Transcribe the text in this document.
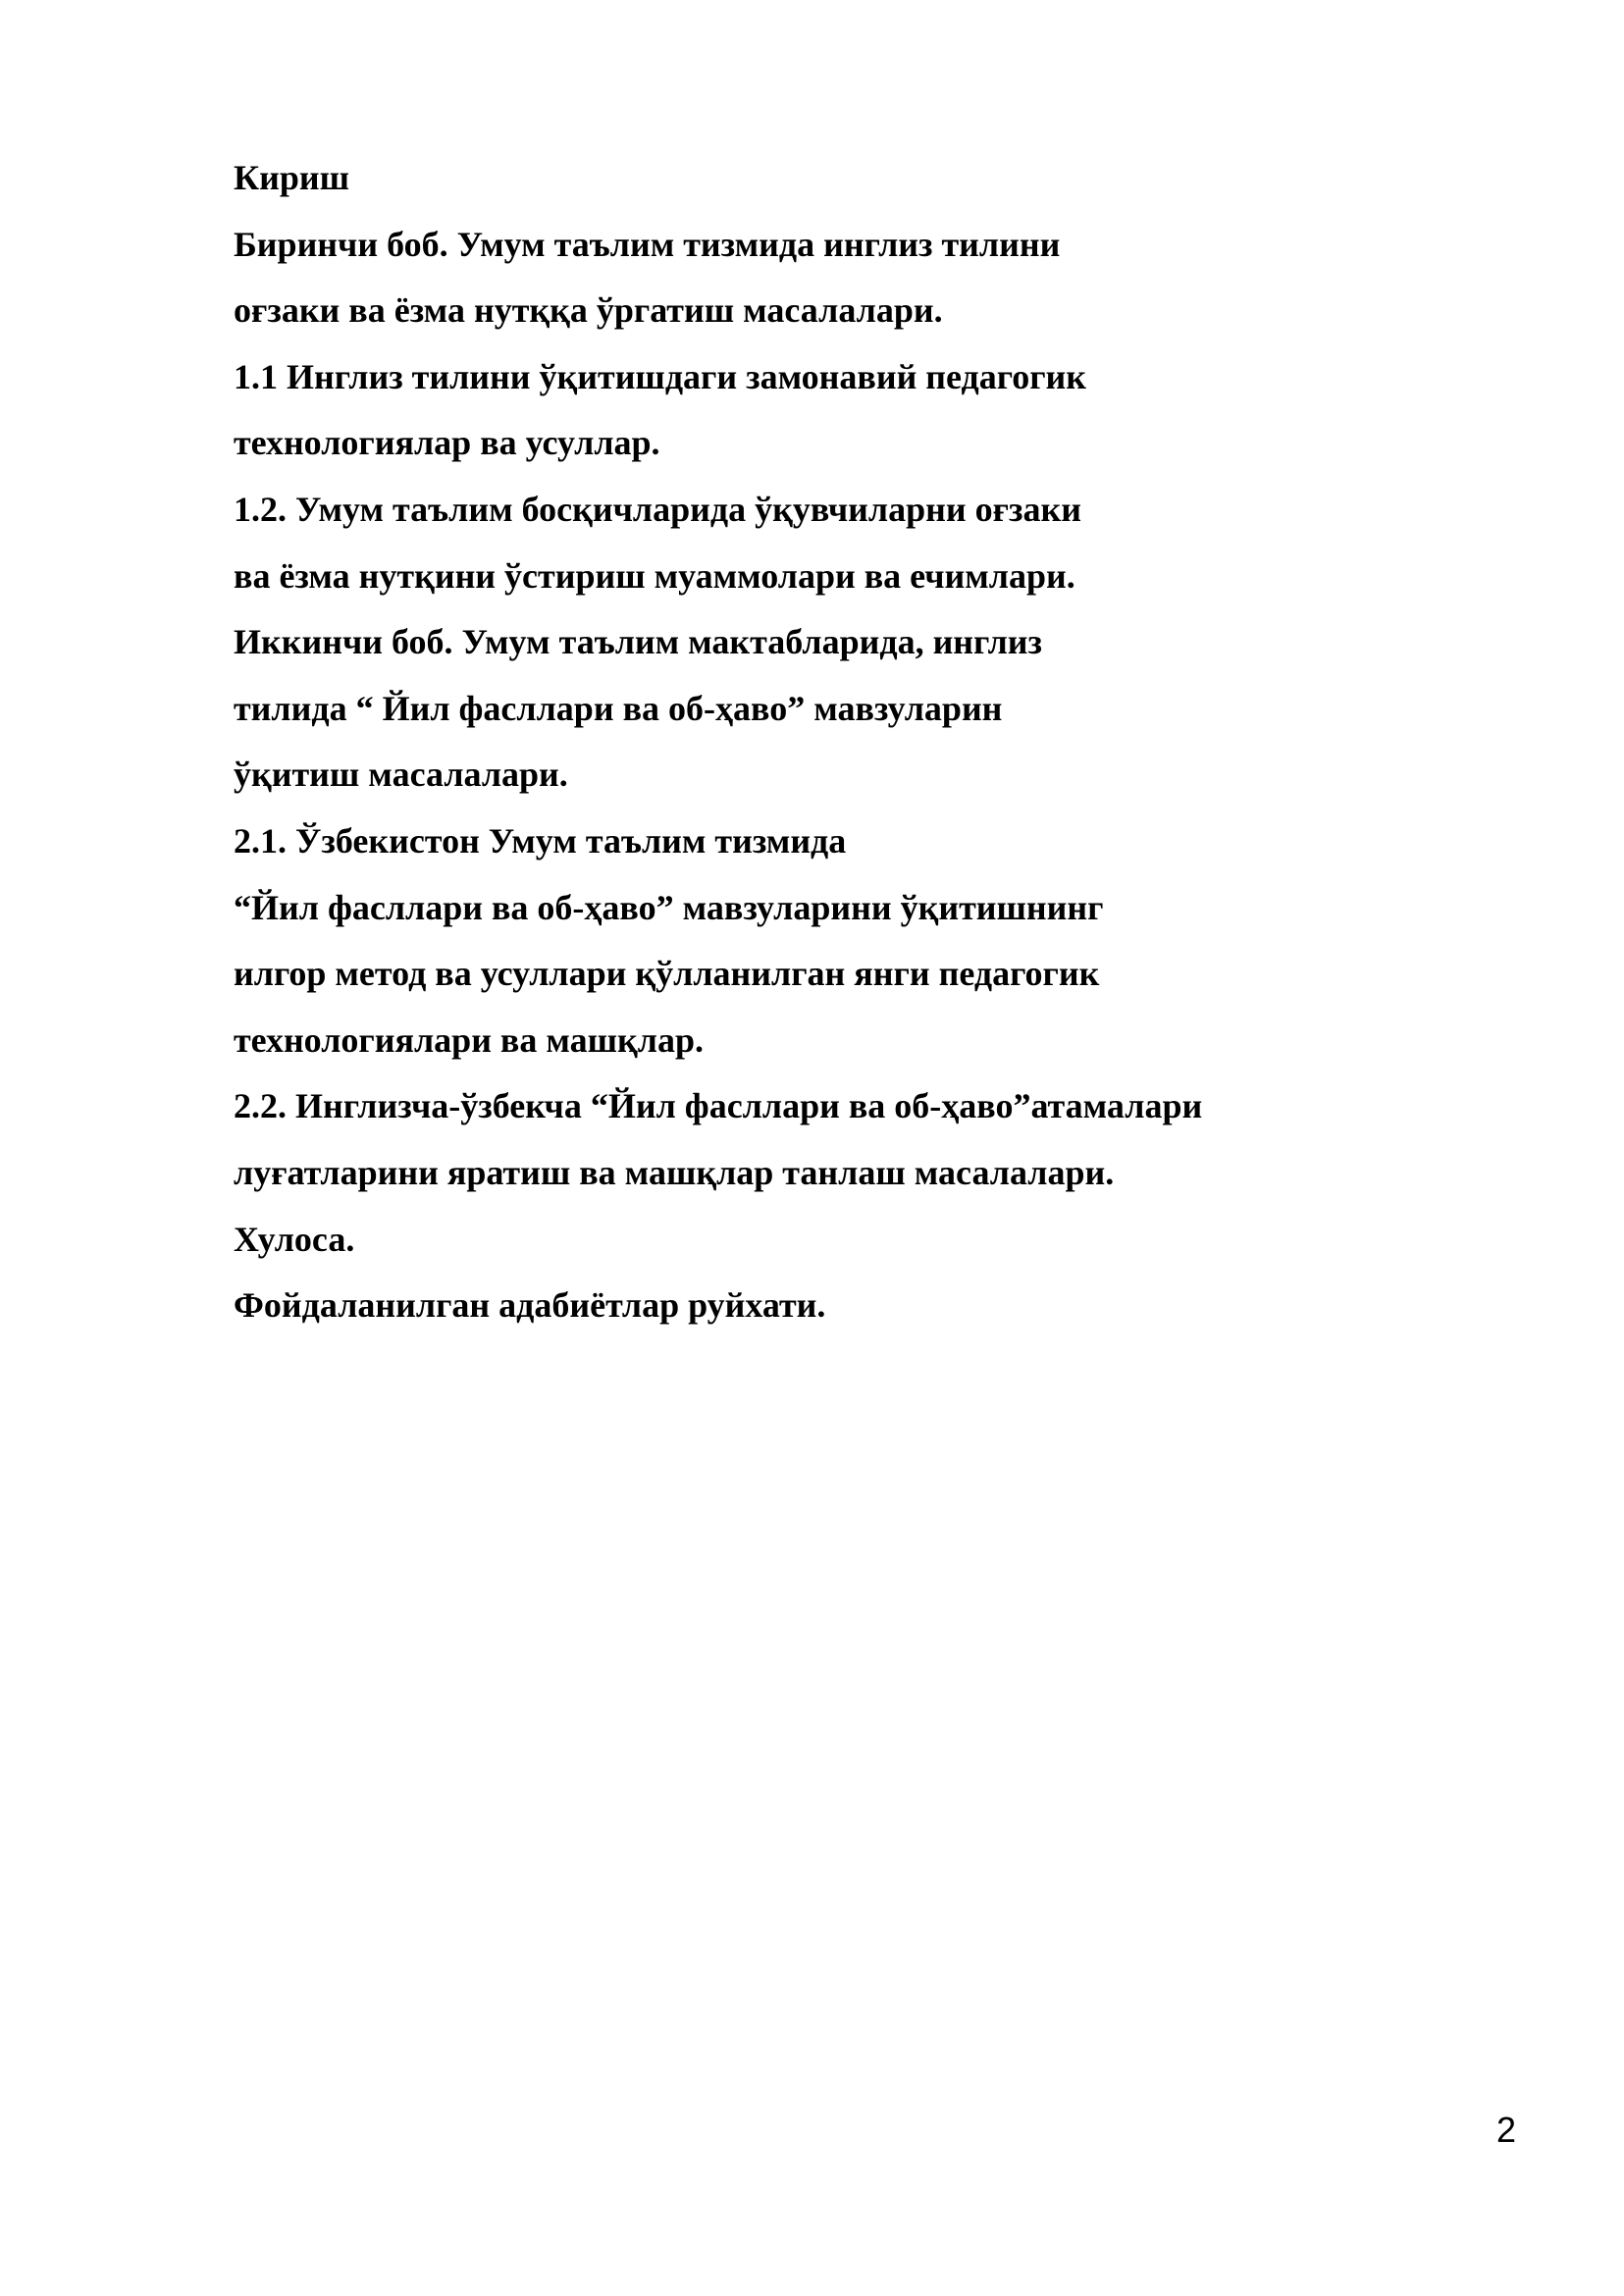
Кириш
Биринчи боб. Умум таълим тизмида инглиз тилини
оғзаки ва ёзма нутққа ўргатиш масалалари.
1.1 Инглиз тилини ўқитишдаги замонавий педагогик
технологиялар ва усуллар.
1.2. Умум таълим босқичларида ўқувчиларни оғзаки
ва ёзма нутқини ўстириш муаммолари ва ечимлари.
Иккинчи боб. Умум таълим мактабларида, инглиз
тилида “ Йил фасллари ва об-ҳаво” мавзуларин
ўқитиш масалалари.
2.1. Ўзбекистон Умум таълим тизмида
“Йил фасллари ва об-ҳаво” мавзуларини ўқитишнинг
илгор метод ва усуллари қўлланилган янги педагогик
технологиялари ва машқлар.
2.2. Инглизча-ўзбекча “Йил фасллари ва об-ҳаво”атамалари
луғатларини яратиш ва машқлар танлаш масалалари.
Хулоса.
Фойдаланилган адабиётлар руйхати.
2
